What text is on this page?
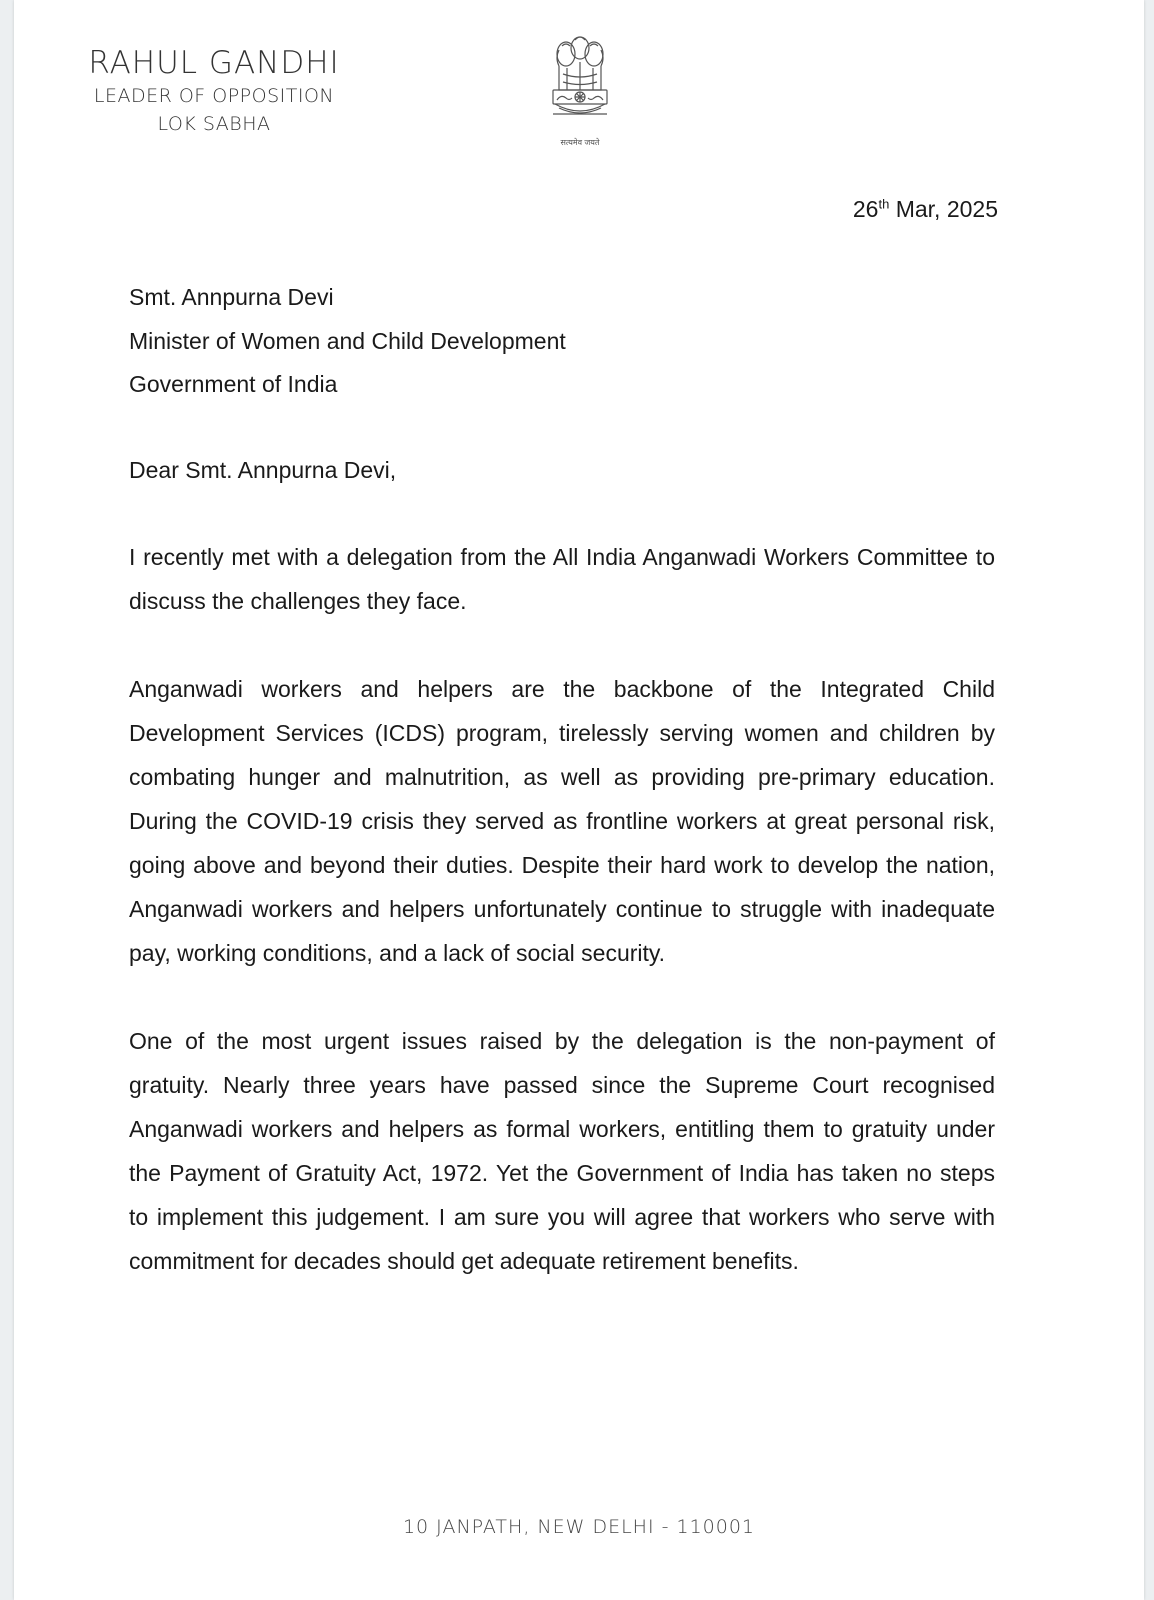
RAHUL GANDHI
LEADER OF OPPOSITION
LOK SABHA
सत्यमेव जयते
26th Mar, 2025
Smt. Annpurna Devi
Minister of Women and Child Development
Government of India
Dear Smt. Annpurna Devi,

I recently met with a delegation from the All India Anganwadi Workers Committee to discuss the challenges they face.

Anganwadi workers and helpers are the backbone of the Integrated Child Development Services (ICDS) program, tirelessly serving women and children by combating hunger and malnutrition, as well as providing pre-primary education. During the COVID-19 crisis they served as frontline workers at great personal risk, going above and beyond their duties. Despite their hard work to develop the nation, Anganwadi workers and helpers unfortunately continue to struggle with inadequate pay, working conditions, and a lack of social security.

One of the most urgent issues raised by the delegation is the non-payment of gratuity. Nearly three years have passed since the Supreme Court recognised Anganwadi workers and helpers as formal workers, entitling them to gratuity under the Payment of Gratuity Act, 1972. Yet the Government of India has taken no steps to implement this judgement. I am sure you will agree that workers who serve with commitment for decades should get adequate retirement benefits.

10 JANPATH, NEW DELHI - 110001
